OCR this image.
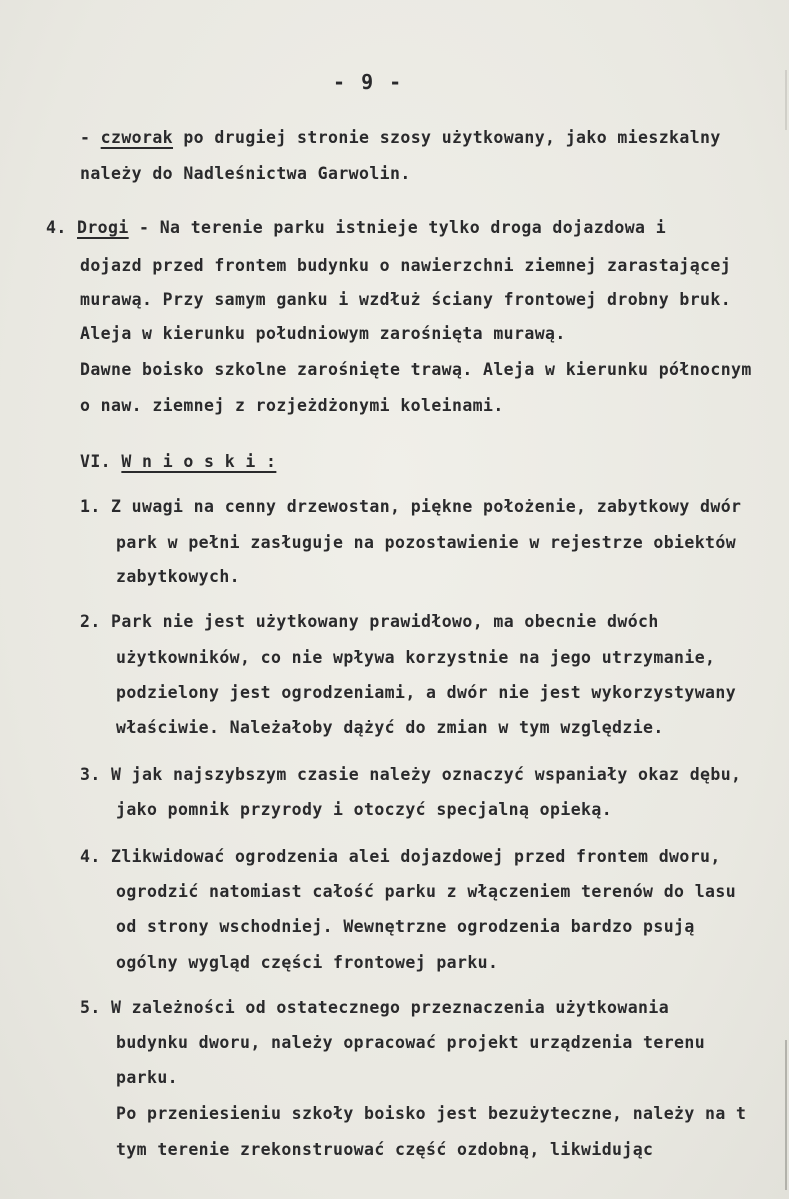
- 9 -
- czworak po drugiej stronie szosy użytkowany, jako mieszkalny
należy do Nadleśnictwa Garwolin.
4. Drogi - Na terenie parku istnieje tylko droga dojazdowa i
dojazd przed frontem budynku o nawierzchni ziemnej zarastającej
murawą. Przy samym ganku i wzdłuż ściany frontowej drobny bruk.
Aleja w kierunku południowym zarośnięta murawą.
Dawne boisko szkolne zarośnięte trawą. Aleja w kierunku północnym
o naw. ziemnej z rozjeżdżonymi koleinami.
VI. W n i o s k i :
1. Z uwagi na cenny drzewostan, piękne położenie, zabytkowy dwór
park w pełni zasługuje na pozostawienie w rejestrze obiektów
zabytkowych.
2. Park nie jest użytkowany prawidłowo, ma obecnie dwóch
użytkowników, co nie wpływa korzystnie na jego utrzymanie,
podzielony jest ogrodzeniami, a dwór nie jest wykorzystywany
właściwie. Należałoby dążyć do zmian w tym względzie.
3. W jak najszybszym czasie należy oznaczyć wspaniały okaz dębu,
jako pomnik przyrody i otoczyć specjalną opieką.
4. Zlikwidować ogrodzenia alei dojazdowej przed frontem dworu,
ogrodzić natomiast całość parku z włączeniem terenów do lasu
od strony wschodniej. Wewnętrzne ogrodzenia bardzo psują
ogólny wygląd części frontowej parku.
5. W zależności od ostatecznego przeznaczenia użytkowania
budynku dworu, należy opracować projekt urządzenia terenu
parku.
Po przeniesieniu szkoły boisko jest bezużyteczne, należy na t
tym terenie zrekonstruować część ozdobną, likwidując
